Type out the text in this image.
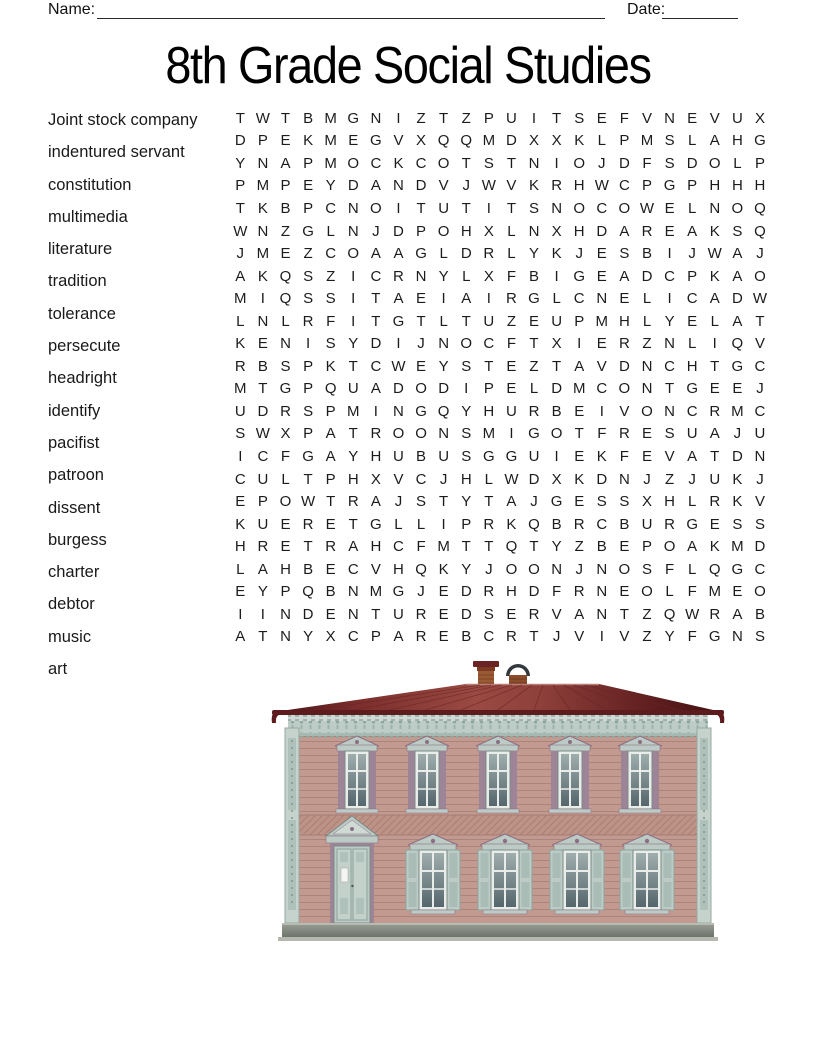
Name:	Date:
8th Grade Social Studies
Joint stock company
indentured servant
constitution
multimedia
literature
tradition
tolerance
persecute
headright
identify
pacifist
patroon
dissent
burgess
charter
debtor
music
art
T W T B M G N	I	Z T Z P U	I	T S E F V N E V U X
D P E K M E G V X Q Q M D X X K L P M S L A H G
Y N A P M O C K C O T S T N	I O J D F S D O L P
P M P E Y D A N D V J W V K R H W C P G P H H H
T K B P C N O I	T U T	I	T S N O C O W E L N O Q
W N Z G L N J D P O H X L N X H D A R E A K S Q
J M E Z C O A A G L D R L Y K J E S B	I	J W A J
A K Q S Z	I	C R N Y L X F B	I G E A D C P K A O
M I Q S S	I	T A E	I	A	I	R G L C N E L	I	C A D W
L N L R F	I	T G T L T U Z E U P M H L Y E L A T
K E N	I	S Y D	I	J N O C F T X	I	E R Z N L	I Q V
R B S P K T C W E Y S T E Z T A V D N C H T G C
M T G P Q U A D O D	I	P E L D M C O N T G E E J
U D R S P M I	N G Q Y H U R B E	I	V O N C R M C
S W X P A T R O O N S M I G O T F R E S U A J U
I	C F G A Y H U B U S G G U	I	E K F E V A T D N
C U L T P H X V C J H L W D X K D N J Z J U K J
E P O W T R A J S T Y T A J G E S S X H L R K V
K U E R E T G L L	I	P R K Q B R C B U R G E S S
H R E T R A H C F M T T Q T Y Z B E P O A K M D
L A H B E C V H Q K Y J O O N J N O S F L Q G C
E Y P Q B N M G J E D R H D F R N E O L F M E O
I	I	N D E N T U R E D S E R V A N T Z Q W R A B
A T N Y X C P A R E B C R T J V	I	V Z Y F G N S
